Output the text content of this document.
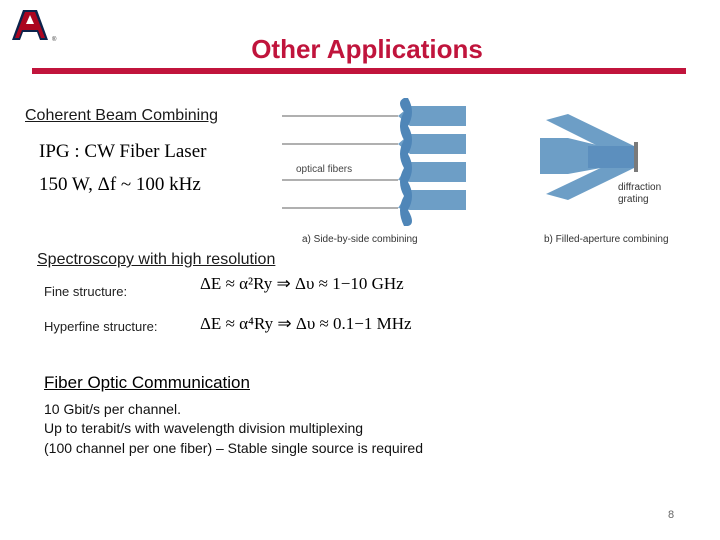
®	Other Applications
Coherent Beam Combining
IPG : CW Fiber Laser
150 W, Δf ~ 100 kHz
optical fibers
a) Side-by-side combining
diffraction
grating
b) Filled-aperture combining
Spectroscopy with high resolution
Fine structure:	ΔE ≈ α²Ry ⇒ Δυ ≈ 1−10 GHz
Hyperfine structure:	ΔE ≈ α⁴Ry ⇒ Δυ ≈ 0.1−1 MHz
Fiber Optic Communication
10 Gbit/s per channel.
Up to terabit/s with wavelength division multiplexing
(100 channel per one fiber) – Stable single source is required
8
